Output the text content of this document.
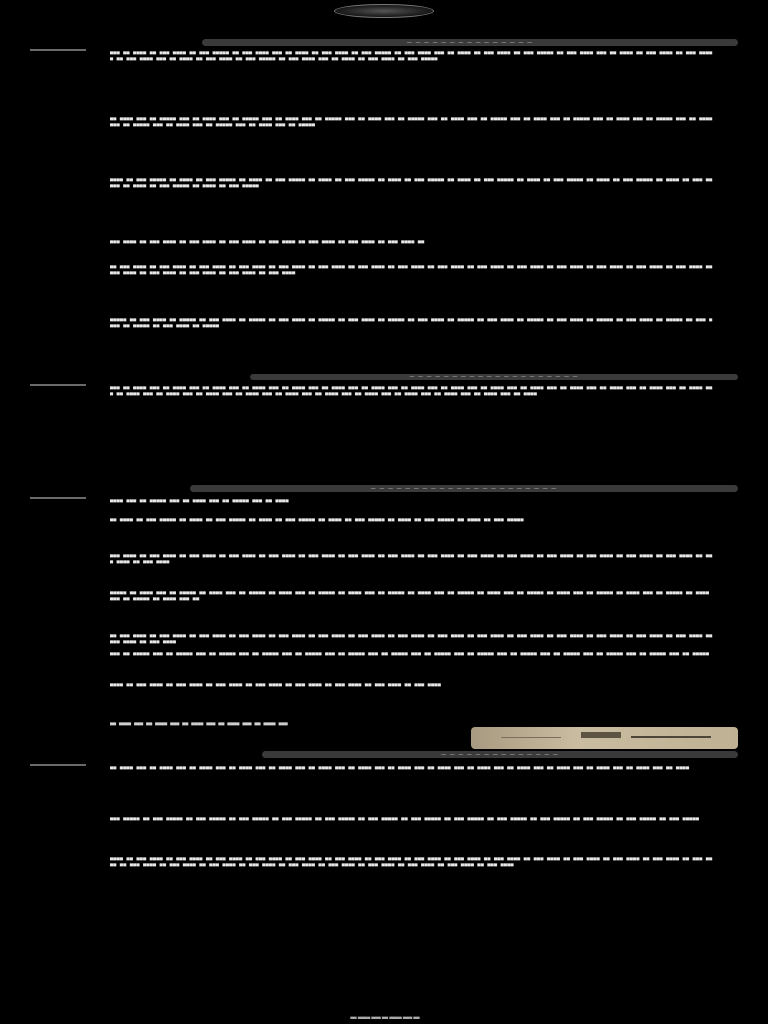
— — — — — — — — — — — — — — —
▄▄▄ ▄▄ ▄▄▄▄ ▄▄ ▄▄▄ ▄▄▄▄ ▄▄ ▄▄▄ ▄▄▄▄▄ ▄▄ ▄▄▄ ▄▄▄▄ ▄▄▄ ▄▄ ▄▄▄▄ ▄▄ ▄▄▄ ▄▄▄▄ ▄▄ ▄▄▄ ▄▄▄▄▄ ▄▄ ▄▄▄ ▄▄▄▄ ▄▄▄ ▄▄ ▄▄▄▄ ▄▄ ▄▄▄ ▄▄▄▄ ▄▄ ▄▄▄ ▄▄▄▄▄ ▄▄ ▄▄▄ ▄▄▄▄ ▄▄▄ ▄▄ ▄▄▄▄ ▄▄ ▄▄▄ ▄▄▄▄ ▄▄ ▄▄▄ ▄▄▄▄▄ ▄▄ ▄▄▄ ▄▄▄▄ ▄▄▄ ▄▄ ▄▄▄▄ ▄▄ ▄▄▄ ▄▄▄▄ ▄▄ ▄▄▄ ▄▄▄▄▄ ▄▄ ▄▄▄ ▄▄▄▄ ▄▄▄ ▄▄ ▄▄▄▄ ▄▄ ▄▄▄ ▄▄▄▄ ▄▄ ▄▄▄ ▄▄▄▄▄
▄▄ ▄▄▄▄ ▄▄▄ ▄▄ ▄▄▄▄▄ ▄▄▄ ▄▄ ▄▄▄▄ ▄▄▄ ▄▄ ▄▄▄▄▄ ▄▄▄ ▄▄ ▄▄▄▄ ▄▄▄ ▄▄ ▄▄▄▄▄ ▄▄▄ ▄▄ ▄▄▄▄ ▄▄▄ ▄▄ ▄▄▄▄▄ ▄▄▄ ▄▄ ▄▄▄▄ ▄▄▄ ▄▄ ▄▄▄▄▄ ▄▄▄ ▄▄ ▄▄▄▄ ▄▄▄ ▄▄ ▄▄▄▄▄ ▄▄▄ ▄▄ ▄▄▄▄ ▄▄▄ ▄▄ ▄▄▄▄▄ ▄▄▄ ▄▄ ▄▄▄▄ ▄▄▄ ▄▄ ▄▄▄▄▄ ▄▄▄ ▄▄ ▄▄▄▄ ▄▄▄ ▄▄ ▄▄▄▄▄ ▄▄▄ ▄▄ ▄▄▄▄ ▄▄▄ ▄▄ ▄▄▄▄▄
▄▄▄▄ ▄▄ ▄▄▄ ▄▄▄▄▄ ▄▄ ▄▄▄▄ ▄▄ ▄▄▄ ▄▄▄▄▄ ▄▄ ▄▄▄▄ ▄▄ ▄▄▄ ▄▄▄▄▄ ▄▄ ▄▄▄▄ ▄▄ ▄▄▄ ▄▄▄▄▄ ▄▄ ▄▄▄▄ ▄▄ ▄▄▄ ▄▄▄▄▄ ▄▄ ▄▄▄▄ ▄▄ ▄▄▄ ▄▄▄▄▄ ▄▄ ▄▄▄▄ ▄▄ ▄▄▄ ▄▄▄▄▄ ▄▄ ▄▄▄▄ ▄▄ ▄▄▄ ▄▄▄▄▄ ▄▄ ▄▄▄▄ ▄▄ ▄▄▄ ▄▄▄▄▄ ▄▄ ▄▄▄▄ ▄▄ ▄▄▄ ▄▄▄▄▄ ▄▄ ▄▄▄▄ ▄▄ ▄▄▄ ▄▄▄▄▄
▄▄▄ ▄▄▄▄ ▄▄ ▄▄▄ ▄▄▄▄ ▄▄ ▄▄▄ ▄▄▄▄ ▄▄ ▄▄▄ ▄▄▄▄ ▄▄ ▄▄▄ ▄▄▄▄ ▄▄ ▄▄▄ ▄▄▄▄ ▄▄ ▄▄▄ ▄▄▄▄ ▄▄ ▄▄▄ ▄▄▄▄ ▄▄
▄▄ ▄▄▄ ▄▄▄▄ ▄▄ ▄▄▄ ▄▄▄▄ ▄▄ ▄▄▄ ▄▄▄▄ ▄▄ ▄▄▄ ▄▄▄▄ ▄▄ ▄▄▄ ▄▄▄▄ ▄▄ ▄▄▄ ▄▄▄▄ ▄▄ ▄▄▄ ▄▄▄▄ ▄▄ ▄▄▄ ▄▄▄▄ ▄▄ ▄▄▄ ▄▄▄▄ ▄▄ ▄▄▄ ▄▄▄▄ ▄▄ ▄▄▄ ▄▄▄▄ ▄▄ ▄▄▄ ▄▄▄▄ ▄▄ ▄▄▄ ▄▄▄▄ ▄▄ ▄▄▄ ▄▄▄▄ ▄▄ ▄▄▄ ▄▄▄▄ ▄▄ ▄▄▄ ▄▄▄▄ ▄▄ ▄▄▄ ▄▄▄▄ ▄▄ ▄▄▄ ▄▄▄▄ ▄▄ ▄▄▄ ▄▄▄▄ ▄▄ ▄▄▄ ▄▄▄▄
▄▄▄▄▄ ▄▄ ▄▄▄ ▄▄▄▄ ▄▄ ▄▄▄▄▄ ▄▄ ▄▄▄ ▄▄▄▄ ▄▄ ▄▄▄▄▄ ▄▄ ▄▄▄ ▄▄▄▄ ▄▄ ▄▄▄▄▄ ▄▄ ▄▄▄ ▄▄▄▄ ▄▄ ▄▄▄▄▄ ▄▄ ▄▄▄ ▄▄▄▄ ▄▄ ▄▄▄▄▄ ▄▄ ▄▄▄ ▄▄▄▄ ▄▄ ▄▄▄▄▄ ▄▄ ▄▄▄ ▄▄▄▄ ▄▄ ▄▄▄▄▄ ▄▄ ▄▄▄ ▄▄▄▄ ▄▄ ▄▄▄▄▄ ▄▄ ▄▄▄ ▄▄▄▄ ▄▄ ▄▄▄▄▄ ▄▄ ▄▄▄ ▄▄▄▄ ▄▄ ▄▄▄▄▄
— — — — — — — — — — — — — — — — — — — —
▄▄▄ ▄▄ ▄▄▄▄ ▄▄▄ ▄▄ ▄▄▄▄ ▄▄▄ ▄▄ ▄▄▄▄ ▄▄▄ ▄▄ ▄▄▄▄ ▄▄▄ ▄▄ ▄▄▄▄ ▄▄▄ ▄▄ ▄▄▄▄ ▄▄▄ ▄▄ ▄▄▄▄ ▄▄▄ ▄▄ ▄▄▄▄ ▄▄▄ ▄▄ ▄▄▄▄ ▄▄▄ ▄▄ ▄▄▄▄ ▄▄▄ ▄▄ ▄▄▄▄ ▄▄▄ ▄▄ ▄▄▄▄ ▄▄▄ ▄▄ ▄▄▄▄ ▄▄▄ ▄▄ ▄▄▄▄ ▄▄▄ ▄▄ ▄▄▄▄ ▄▄▄ ▄▄ ▄▄▄▄ ▄▄▄ ▄▄ ▄▄▄▄ ▄▄▄ ▄▄ ▄▄▄▄ ▄▄▄ ▄▄ ▄▄▄▄ ▄▄▄ ▄▄ ▄▄▄▄ ▄▄▄ ▄▄ ▄▄▄▄ ▄▄▄ ▄▄ ▄▄▄▄ ▄▄▄ ▄▄ ▄▄▄▄ ▄▄▄ ▄▄ ▄▄▄▄ ▄▄▄ ▄▄ ▄▄▄▄ ▄▄▄ ▄▄ ▄▄▄▄
— — — — — — — — — — — — — — — — — — — — — —
▄▄▄▄ ▄▄▄ ▄▄ ▄▄▄▄▄ ▄▄▄ ▄▄ ▄▄▄▄ ▄▄▄ ▄▄ ▄▄▄▄▄ ▄▄▄ ▄▄ ▄▄▄▄
▄▄ ▄▄▄▄ ▄▄ ▄▄▄ ▄▄▄▄▄ ▄▄ ▄▄▄▄ ▄▄ ▄▄▄ ▄▄▄▄▄ ▄▄ ▄▄▄▄ ▄▄ ▄▄▄ ▄▄▄▄▄ ▄▄ ▄▄▄▄ ▄▄ ▄▄▄ ▄▄▄▄▄ ▄▄ ▄▄▄▄ ▄▄ ▄▄▄ ▄▄▄▄▄ ▄▄ ▄▄▄▄ ▄▄ ▄▄▄ ▄▄▄▄▄
▄▄▄ ▄▄▄▄ ▄▄ ▄▄▄ ▄▄▄▄ ▄▄ ▄▄▄ ▄▄▄▄ ▄▄ ▄▄▄ ▄▄▄▄ ▄▄ ▄▄▄ ▄▄▄▄ ▄▄ ▄▄▄ ▄▄▄▄ ▄▄ ▄▄▄ ▄▄▄▄ ▄▄ ▄▄▄ ▄▄▄▄ ▄▄ ▄▄▄ ▄▄▄▄ ▄▄ ▄▄▄ ▄▄▄▄ ▄▄ ▄▄▄ ▄▄▄▄ ▄▄ ▄▄▄ ▄▄▄▄ ▄▄ ▄▄▄ ▄▄▄▄ ▄▄ ▄▄▄ ▄▄▄▄ ▄▄ ▄▄▄ ▄▄▄▄ ▄▄ ▄▄▄ ▄▄▄▄ ▄▄ ▄▄▄ ▄▄▄▄
▄▄▄▄▄ ▄▄ ▄▄▄▄ ▄▄▄ ▄▄ ▄▄▄▄▄ ▄▄ ▄▄▄▄ ▄▄▄ ▄▄ ▄▄▄▄▄ ▄▄ ▄▄▄▄ ▄▄▄ ▄▄ ▄▄▄▄▄ ▄▄ ▄▄▄▄ ▄▄▄ ▄▄ ▄▄▄▄▄ ▄▄ ▄▄▄▄ ▄▄▄ ▄▄ ▄▄▄▄▄ ▄▄ ▄▄▄▄ ▄▄▄ ▄▄ ▄▄▄▄▄ ▄▄ ▄▄▄▄ ▄▄▄ ▄▄ ▄▄▄▄▄ ▄▄ ▄▄▄▄ ▄▄▄ ▄▄ ▄▄▄▄▄ ▄▄ ▄▄▄▄ ▄▄▄ ▄▄ ▄▄▄▄▄ ▄▄ ▄▄▄▄ ▄▄▄ ▄▄
▄▄ ▄▄▄ ▄▄▄▄ ▄▄ ▄▄▄ ▄▄▄▄ ▄▄ ▄▄▄ ▄▄▄▄ ▄▄ ▄▄▄ ▄▄▄▄ ▄▄ ▄▄▄ ▄▄▄▄ ▄▄ ▄▄▄ ▄▄▄▄ ▄▄ ▄▄▄ ▄▄▄▄ ▄▄ ▄▄▄ ▄▄▄▄ ▄▄ ▄▄▄ ▄▄▄▄ ▄▄ ▄▄▄ ▄▄▄▄ ▄▄ ▄▄▄ ▄▄▄▄ ▄▄ ▄▄▄ ▄▄▄▄ ▄▄ ▄▄▄ ▄▄▄▄ ▄▄ ▄▄▄ ▄▄▄▄ ▄▄ ▄▄▄ ▄▄▄▄ ▄▄ ▄▄▄ ▄▄▄▄ ▄▄ ▄▄▄ ▄▄▄▄
▄▄▄ ▄▄ ▄▄▄▄▄ ▄▄▄ ▄▄ ▄▄▄▄▄ ▄▄▄ ▄▄ ▄▄▄▄▄ ▄▄▄ ▄▄ ▄▄▄▄▄ ▄▄▄ ▄▄ ▄▄▄▄▄ ▄▄▄ ▄▄ ▄▄▄▄▄ ▄▄▄ ▄▄ ▄▄▄▄▄ ▄▄▄ ▄▄ ▄▄▄▄▄ ▄▄▄ ▄▄ ▄▄▄▄▄ ▄▄▄ ▄▄ ▄▄▄▄▄ ▄▄▄ ▄▄ ▄▄▄▄▄ ▄▄▄ ▄▄ ▄▄▄▄▄ ▄▄▄ ▄▄ ▄▄▄▄▄ ▄▄▄ ▄▄ ▄▄▄▄▄
▄▄▄▄ ▄▄ ▄▄▄ ▄▄▄▄ ▄▄ ▄▄▄ ▄▄▄▄ ▄▄ ▄▄▄ ▄▄▄▄ ▄▄ ▄▄▄ ▄▄▄▄ ▄▄ ▄▄▄ ▄▄▄▄ ▄▄ ▄▄▄ ▄▄▄▄ ▄▄ ▄▄▄ ▄▄▄▄ ▄▄ ▄▄▄ ▄▄▄▄
▄▄ ▄▄▄▄ ▄▄▄ ▄▄ ▄▄▄▄ ▄▄▄ ▄▄ ▄▄▄▄ ▄▄▄ ▄▄ ▄▄▄▄ ▄▄▄ ▄▄ ▄▄▄▄ ▄▄▄
— — — — — — — — — — — — — —
▄▄ ▄▄▄▄ ▄▄▄ ▄▄ ▄▄▄▄ ▄▄▄ ▄▄ ▄▄▄▄ ▄▄▄ ▄▄ ▄▄▄▄ ▄▄▄ ▄▄ ▄▄▄▄ ▄▄▄ ▄▄ ▄▄▄▄ ▄▄▄ ▄▄ ▄▄▄▄ ▄▄▄ ▄▄ ▄▄▄▄ ▄▄▄ ▄▄ ▄▄▄▄ ▄▄▄ ▄▄ ▄▄▄▄ ▄▄▄ ▄▄ ▄▄▄▄ ▄▄▄ ▄▄ ▄▄▄▄ ▄▄▄ ▄▄ ▄▄▄▄ ▄▄▄ ▄▄ ▄▄▄▄ ▄▄▄ ▄▄ ▄▄▄▄
▄▄▄ ▄▄▄▄▄ ▄▄ ▄▄▄ ▄▄▄▄▄ ▄▄ ▄▄▄ ▄▄▄▄▄ ▄▄ ▄▄▄ ▄▄▄▄▄ ▄▄ ▄▄▄ ▄▄▄▄▄ ▄▄ ▄▄▄ ▄▄▄▄▄ ▄▄ ▄▄▄ ▄▄▄▄▄ ▄▄ ▄▄▄ ▄▄▄▄▄ ▄▄ ▄▄▄ ▄▄▄▄▄ ▄▄ ▄▄▄ ▄▄▄▄▄ ▄▄ ▄▄▄ ▄▄▄▄▄ ▄▄ ▄▄▄ ▄▄▄▄▄ ▄▄ ▄▄▄ ▄▄▄▄▄ ▄▄ ▄▄▄ ▄▄▄▄▄
▄▄▄▄ ▄▄ ▄▄▄ ▄▄▄▄ ▄▄ ▄▄▄ ▄▄▄▄ ▄▄ ▄▄▄ ▄▄▄▄ ▄▄ ▄▄▄ ▄▄▄▄ ▄▄ ▄▄▄ ▄▄▄▄ ▄▄ ▄▄▄ ▄▄▄▄ ▄▄ ▄▄▄ ▄▄▄▄ ▄▄ ▄▄▄ ▄▄▄▄ ▄▄ ▄▄▄ ▄▄▄▄ ▄▄ ▄▄▄ ▄▄▄▄ ▄▄ ▄▄▄ ▄▄▄▄ ▄▄ ▄▄▄ ▄▄▄▄ ▄▄ ▄▄▄ ▄▄▄▄ ▄▄ ▄▄▄ ▄▄▄▄ ▄▄ ▄▄▄ ▄▄▄▄ ▄▄ ▄▄▄ ▄▄▄▄ ▄▄ ▄▄▄ ▄▄▄▄ ▄▄ ▄▄▄ ▄▄▄▄ ▄▄ ▄▄▄ ▄▄▄▄ ▄▄ ▄▄▄ ▄▄▄▄ ▄▄ ▄▄▄ ▄▄▄▄ ▄▄ ▄▄▄ ▄▄▄▄ ▄▄ ▄▄▄ ▄▄▄▄ ▄▄ ▄▄▄ ▄▄▄▄ ▄▄ ▄▄▄ ▄▄▄▄
▄▄ ▄▄▄▄ ▄▄▄ ▄▄ ▄▄▄▄ ▄▄▄ ▄▄
